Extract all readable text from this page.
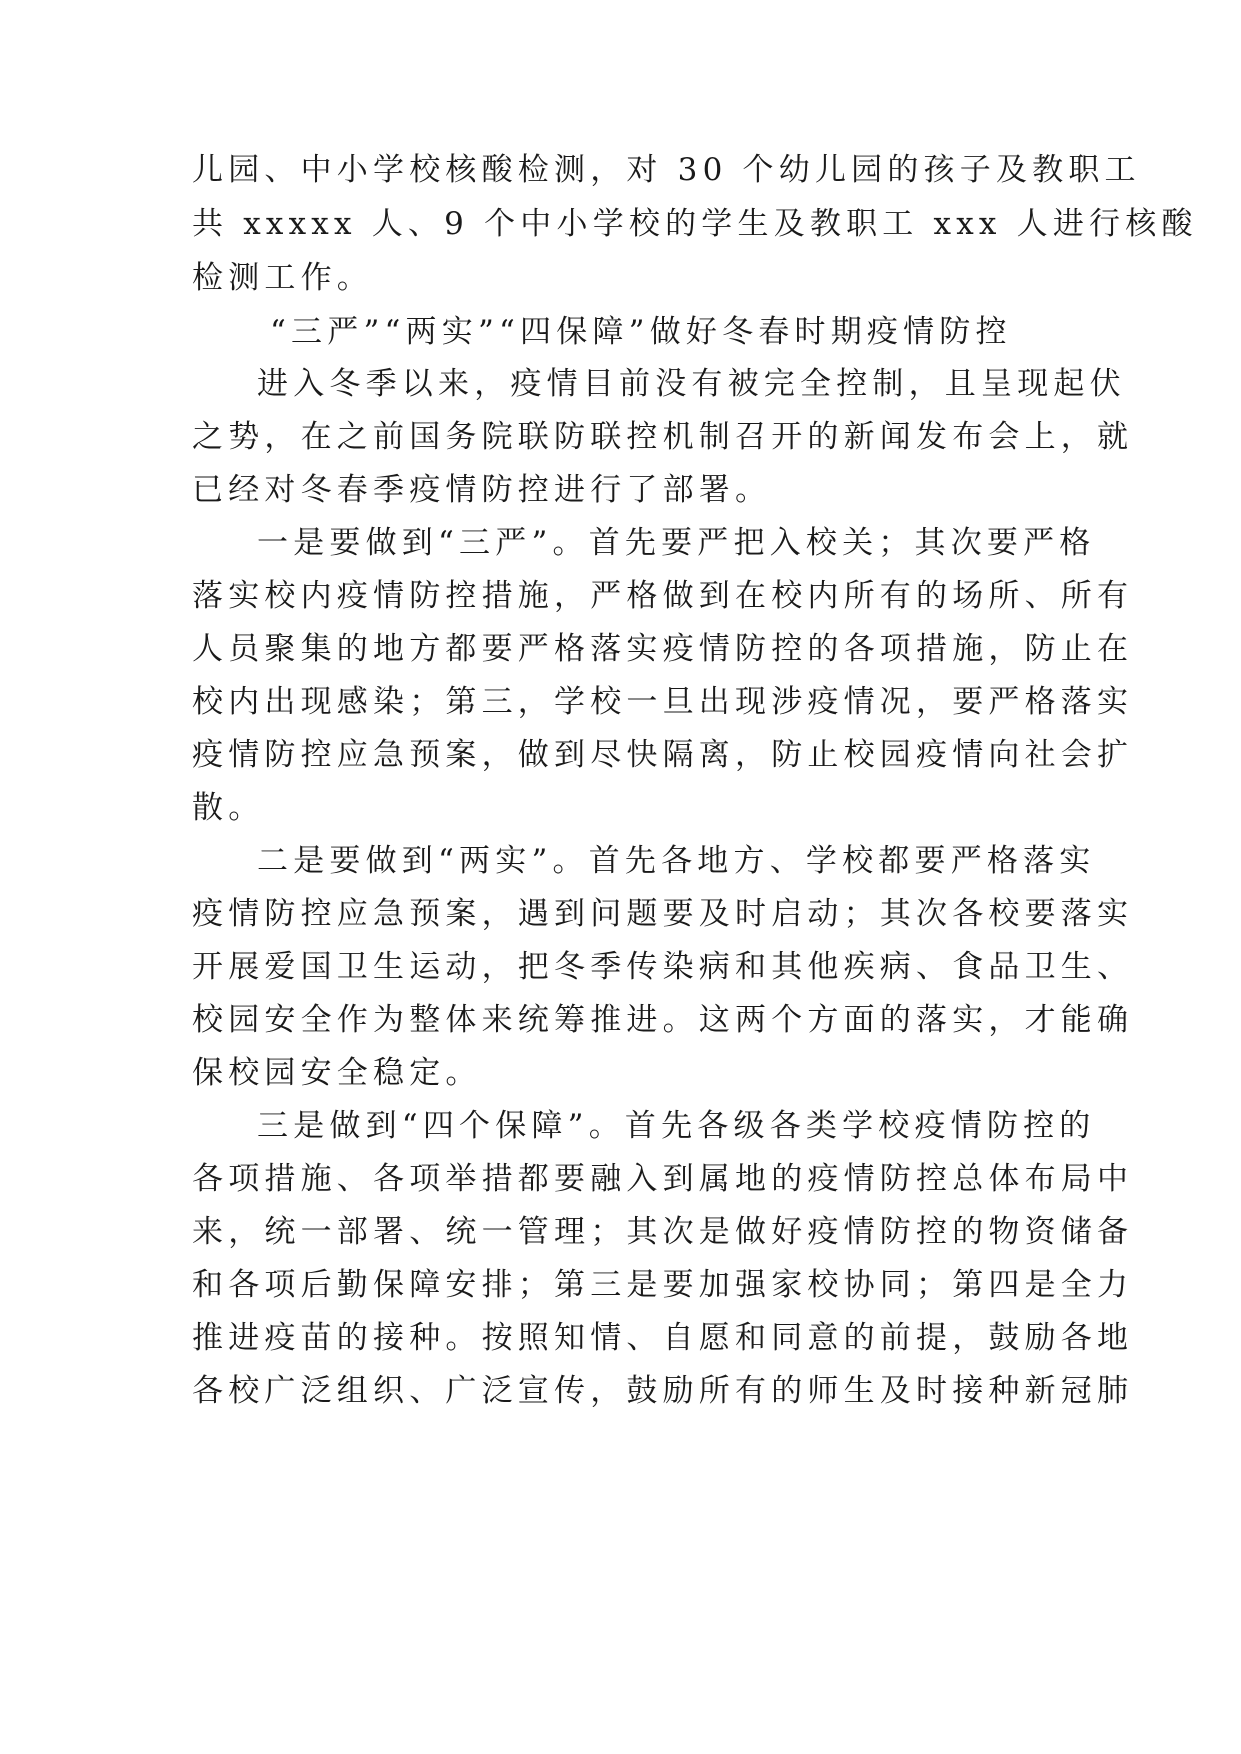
儿园、中小学校核酸检测，对 30 个幼儿园的孩子及教职工
共 xxxxx 人、9 个中小学校的学生及教职工 xxx 人进行核酸
检测工作。
“三严”“两实”“四保障”做好冬春时期疫情防控
进入冬季以来，疫情目前没有被完全控制，且呈现起伏
之势，在之前国务院联防联控机制召开的新闻发布会上，就
已经对冬春季疫情防控进行了部署。
一是要做到“三严”。首先要严把入校关；其次要严格
落实校内疫情防控措施，严格做到在校内所有的场所、所有
人员聚集的地方都要严格落实疫情防控的各项措施，防止在
校内出现感染；第三，学校一旦出现涉疫情况，要严格落实
疫情防控应急预案，做到尽快隔离，防止校园疫情向社会扩
散。
二是要做到“两实”。首先各地方、学校都要严格落实
疫情防控应急预案，遇到问题要及时启动；其次各校要落实
开展爱国卫生运动，把冬季传染病和其他疾病、食品卫生、
校园安全作为整体来统筹推进。这两个方面的落实，才能确
保校园安全稳定。
三是做到“四个保障”。首先各级各类学校疫情防控的
各项措施、各项举措都要融入到属地的疫情防控总体布局中
来，统一部署、统一管理；其次是做好疫情防控的物资储备
和各项后勤保障安排；第三是要加强家校协同；第四是全力
推进疫苗的接种。按照知情、自愿和同意的前提，鼓励各地
各校广泛组织、广泛宣传，鼓励所有的师生及时接种新冠肺
